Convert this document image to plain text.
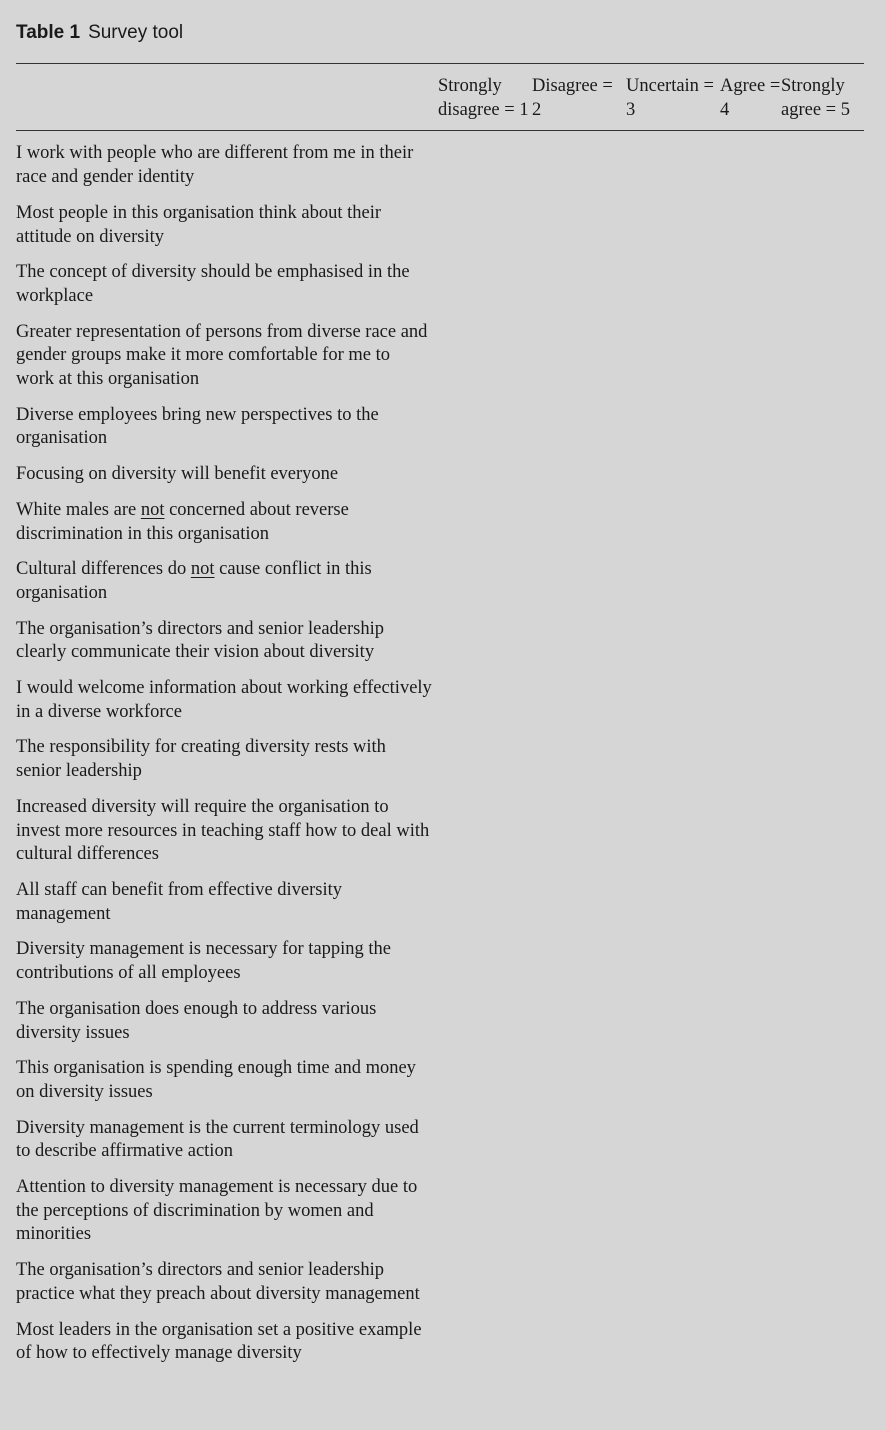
Table 1 Survey tool

	Strongly disagree = 1	Disagree = 2	Uncertain = 3	Agree = 4	Strongly agree = 5
I work with people who are different from me in their race and gender identity					
Most people in this organisation think about their attitude on diversity					
The concept of diversity should be emphasised in the workplace					
Greater representation of persons from diverse race and gender groups make it more comfortable for me to work at this organisation					
Diverse employees bring new perspectives to the organisation					
Focusing on diversity will benefit everyone					
White males are not concerned about reverse discrimination in this organisation					
Cultural differences do not cause conflict in this organisation					
The organisation’s directors and senior leadership clearly communicate their vision about diversity					
I would welcome information about working effectively in a diverse workforce					
The responsibility for creating diversity rests with senior leadership					
Increased diversity will require the organisation to invest more resources in teaching staff how to deal with cultural differences					
All staff can benefit from effective diversity management					
Diversity management is necessary for tapping the contributions of all employees					
The organisation does enough to address various diversity issues					
This organisation is spending enough time and money on diversity issues					
Diversity management is the current terminology used to describe affirmative action					
Attention to diversity management is necessary due to the perceptions of discrimination by women and minorities					
The organisation’s directors and senior leadership practice what they preach about diversity management					
Most leaders in the organisation set a positive example of how to effectively manage diversity					
